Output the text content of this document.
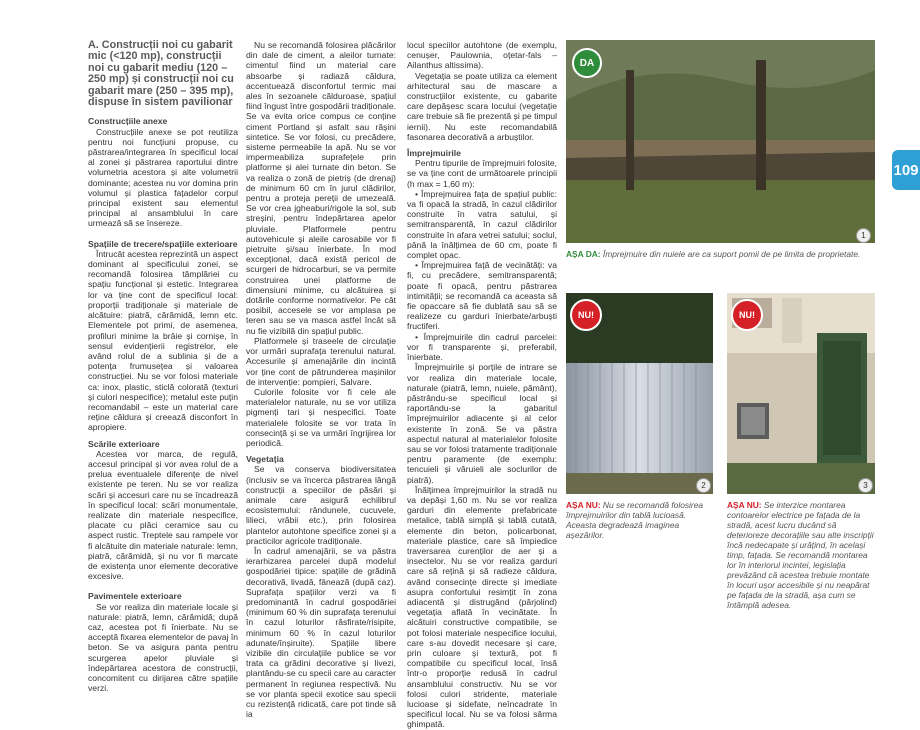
109
A. Construcții noi cu gabarit mic (<120 mp), construcții noi cu gabarit mediu (120 – 250 mp) și construcții noi cu gabarit mare (250 – 395 mp), dispuse în sistem pavilionar
Construcțiile anexe
Construcțiile anexe se pot reutiliza pentru noi funcțiuni propuse, cu păstrarea/integrarea în specificul local al zonei și păstrarea raportului dintre volumetria acestora și alte volumetrii dominante; acestea nu vor domina prin volumul și plastica fațadelor corpul principal existent sau elementul principal al ansamblului în care urmează să se însereze.
Spațiile de trecere/spațiile exterioare
Întrucât acestea reprezintă un aspect dominant al specificului zonei, se recomandă folosirea tâmplăriei cu spațiu funcțional și estetic. Integrarea lor va ține cont de specificul local: proporții tradiționale și materiale de alcătuire: piatră, cărămidă, lemn etc. Elementele pot primi, de asemenea, profiluri minime la brâie și cornișe, în sensul evidențierii registrelor, ele având rolul de a sublinia și de a potența frumusețea și valoarea construcției. Nu se vor folosi materiale ca: inox, plastic, sticlă colorată (texturi și culori nespecifice); metalul este puțin recomandabil – este un material care reține căldura și creează disconfort în apropiere.
Scările exterioare
Acestea vor marca, de regulă, accesul principal și vor avea rolul de a prelua eventualele diferențe de nivel existente pe teren. Nu se vor realiza scări și accesuri care nu se încadrează în specificul local: scări monumentale, realizate din materiale nespecifice, placate cu plăci ceramice sau cu aspect rustic. Treptele sau rampele vor fi alcătuite din materiale naturale: lemn, piatră, cărămidă, și nu vor fi marcate de existența unor elemente decorative excesive.
Pavimentele exterioare
Se vor realiza din materiale locale și naturale: piatră, lemn, cărămidă; după caz, acestea pot fi înierbate. Nu se acceptă fixarea elementelor de pavaj în beton. Se va asigura panta pentru scurgerea apelor pluviale și îndepărtarea acestora de construcții, concomitent cu dirijarea către spațiile verzi.
Nu se recomandă folosirea plăcărilor din dale de ciment, a aleilor turnate: cimentul fiind un material care absoarbe și radiază căldura, accentuează disconfortul termic mai ales în sezoanele călduroase, spațiul fiind îngust între gospodării tradiționale. Se va evita orice compus ce conține ciment Portland și asfalt sau rășini sintetice. Se vor folosi, cu precădere, sisteme permeabile la apă. Nu se vor impermeabiliza suprafețele prin platforme și alei turnate din beton. Se va realiza o zonă de pietriș (de drenaj) de minimum 60 cm în jurul clădirilor, pentru a proteja pereții de umezeală. Se vor crea jgheaburi/rigole la sol, sub streșini, pentru îndepărtarea apelor pluviale. Platformele pentru autovehicule și aleile carosabile vor fi pietruite și/sau înierbate. În mod excepțional, dacă există pericol de scurgeri de hidrocarburi, se va permite construirea unei platforme de dimensiuni minime, cu alcătuirea și dotările conforme normativelor. Pe cât posibil, accesele se vor amplasa pe teren sau se va masca astfel încât să nu fie vizibilă din spațiul public.
Platformele și traseele de circulație vor urmări suprafața terenului natural. Accesurile și amenajările din incintă vor ține cont de pătrunderea mașinilor de intervenție: pompieri, Salvare.
Culorile folosite vor fi cele ale materialelor naturale, nu se vor utiliza pigmenți tari și nespecifici. Toate materialele folosite se vor trata în consecință și se va urmări îngrijirea lor periodică.
Vegetația
Se va conserva biodiversitatea (inclusiv se va încerca păstrarea lângă construcții a speciilor de păsări și animale care asigură echilibrul ecosistemului: rândunele, cucuvele, lilieci, vrăbii etc.), prin folosirea plantelor autohtone specifice zonei și a practicilor agricole tradiționale.
În cadrul amenajării, se va păstra ierarhizarea parcelei după modelul gospodăriei tipice: spațiile de grădină decorativă, livadă, fânează (după caz). Suprafața spațiilor verzi va fi predominantă în cadrul gospodăriei (minimum 60 % din suprafața terenului în cazul loturilor răsfirate/risipite, minimum 60 % în cazul loturilor adunate/înșiruite). Spațiile libere vizibile din circulațiile publice se vor trata ca grădini decorative și livezi, plantându-se cu specii care au caracter permanent în regiunea respectivă. Nu se vor planta specii exotice sau specii cu rezistență ridicată, care pot tinde să ia
locul speciilor autohtone (de exemplu, cenușer, Paulownia, oțetar-fals – Ailanthus altissima).
Vegetația se poate utiliza ca element arhitectural sau de mascare a construcțiilor existente, cu gabarite care depășesc scara locului (vegetație care trebuie să fie prezentă și pe timpul iernii). Nu este recomandabilă fasonarea decorativă a arbuștilor.
Împrejmuirile
Pentru tipurile de împrejmuiri folosite, se va ține cont de următoarele principii (h max = 1,60 m):
• Împrejmuirea fața de spațiul public: va fi opacă la stradă, în cazul clădirilor construite în vatra satului, și semitransparentă, în cazul clădirilor construite în afara vetrei satului; soclul, până la înălțimea de 60 cm, poate fi complet opac.
• Împrejmuirea față de vecinătăți: va fi, cu precădere, semitransparentă; poate fi opacă, pentru păstrarea intimității; se recomandă ca aceasta să fie opaccare să fie dublată sau să se realizeze cu garduri înierbate/arbuști fructiferi.
• Împrejmuirile din cadrul parcelei: vor fi transparente și, preferabil, înierbate.
Împrejmuirile și porțile de intrare se vor realiza din materiale locale, naturale (piatră, lemn, nuiele, pământ), păstrându-se specificul local și raportându-se la gabaritul împrejmuirilor adiacente și al celor existente în zonă. Se va păstra aspectul natural al materialelor folosite sau se vor folosi tratamente tradiționale pentru paramente (de exemplu: tencuieli și văruieli ale soclurilor de piatră).
Înălțimea împrejmuirilor la stradă nu va depăși 1,60 m. Nu se vor realiza garduri din elemente prefabricate metalice, tablă simplă și tablă cutată, elemente din beton, policarbonat, materiale plastice, care să împiedice traversarea curenților de aer și a insectelor. Nu se vor realiza garduri care să rețină și să radieze căldura, având consecințe directe și imediate asupra confortului resimțit în zona adiacentă și distrugând (pârjolind) vegetația aflată în vecinătate. În alcătuiri constructive compatibile, se pot folosi materiale nespecifice locului, care s-au dovedit necesare și care, prin culoare și textură, pot fi compatibile cu specificul local, însă într-o proporție redusă în cadrul ansamblului constructiv. Nu se vor folosi culori stridente, materiale lucioase și sidefate, neîncadrate în specificul local. Nu se va folosi sârma ghimpată.
DA
1
AȘA DA: Împrejmuire din nuiele are ca suport pomii de pe limita de proprietate.
NU!
2
AȘA NU: Nu se recomandă folosirea împrejmuirilor din tablă lucioasă. Aceasta degradează imaginea așezărilor.
NU!
3
AȘA NU: Se interzice montarea contoarelor electrice pe fațada de la stradă, acest lucru ducând să deterioreze decorațiile sau alte inscripții încă nedecapate și urâțind, în același timp, fațada. Se recomandă montarea lor în interiorul incintei, legislația prevăzând că acestea trebuie montate în locuri ușor accesibile și nu neapărat pe fațada de la stradă, așa cum se întâmplă adesea.
